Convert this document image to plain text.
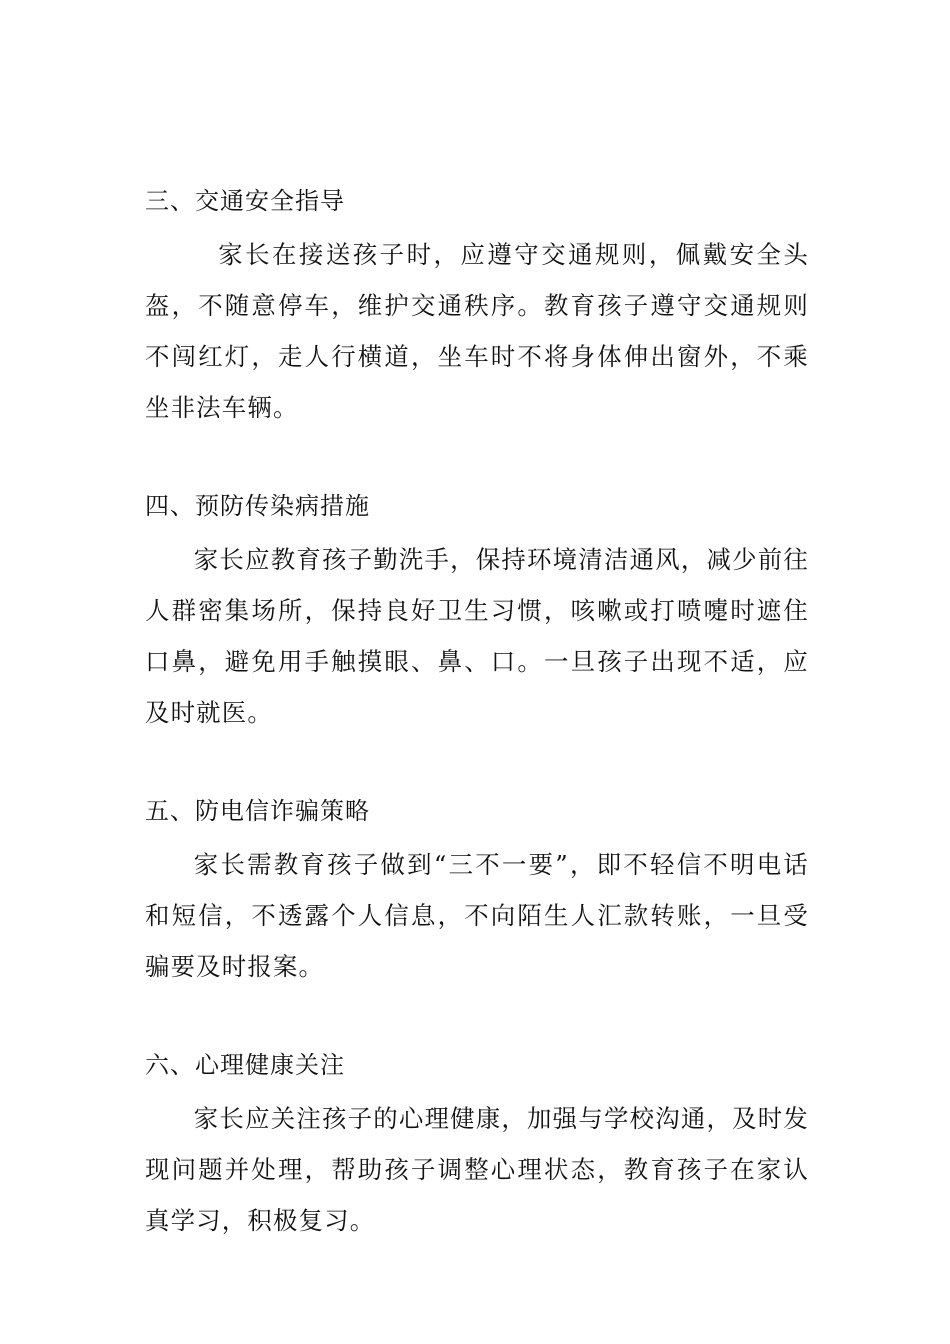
三、交通安全指导

家长在接送孩子时，应遵守交通规则，佩戴安全头盔，不随意停车，维护交通秩序。教育孩子遵守交通规则不闯红灯，走人行横道，坐车时不将身体伸出窗外，不乘坐非法车辆。

四、预防传染病措施

家长应教育孩子勤洗手，保持环境清洁通风，减少前往人群密集场所，保持良好卫生习惯，咳嗽或打喷嚏时遮住口鼻，避免用手触摸眼、鼻、口。一旦孩子出现不适，应及时就医。

五、防电信诈骗策略

家长需教育孩子做到“三不一要”，即不轻信不明电话和短信，不透露个人信息，不向陌生人汇款转账，一旦受骗要及时报案。

六、心理健康关注

家长应关注孩子的心理健康，加强与学校沟通，及时发现问题并处理，帮助孩子调整心理状态，教育孩子在家认真学习，积极复习。
